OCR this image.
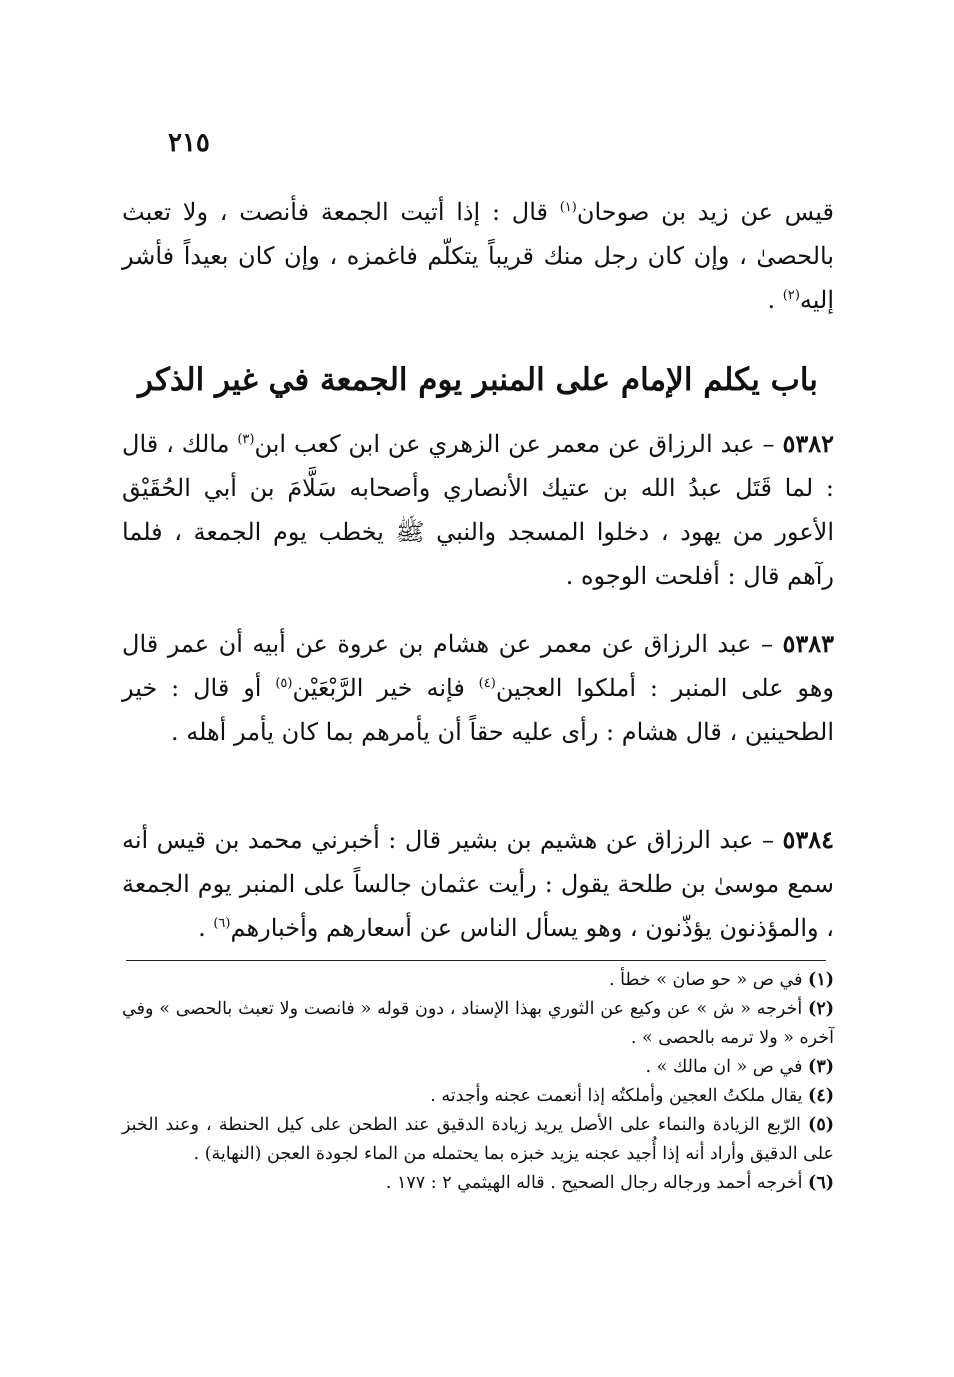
٢١٥

قيس عن زيد بن صوحان$^{(١)}$ قال : إذا أتيت الجمعة فأنصت ، ولا تعبث بالحصىٰ ، وإن كان رجل منك قريباً يتكلّم فاغمزه ، وإن كان بعيداً فأشر إليه$^{(٢)}$ .

باب يكلم الإمام على المنبر يوم الجمعة في غير الذكر

٥٣٨٢ – عبد الرزاق عن معمر عن الزهري عن ابن كعب ابن$^{(٣)}$ مالك ، قال : لما قَتَل عبدُ الله بن عتيك الأنصاري وأصحابه سَلَّامَ بن أبي الحُقَيْق الأعور من يهود ، دخلوا المسجد والنبي ﷺ يخطب يوم الجمعة ، فلما رآهم قال : أفلحت الوجوه .

٥٣٨٣ – عبد الرزاق عن معمر عن هشام بن عروة عن أبيه أن عمر قال وهو على المنبر : أملكوا العجين$^{(٤)}$ فإنه خير الرَّبْعَيْن$^{(٥)}$ أو قال : خير الطحينين ، قال هشام : رأى عليه حقاً أن يأمرهم بما كان يأمر أهله .

٥٣٨٤ – عبد الرزاق عن هشيم بن بشير قال : أخبرني محمد بن قيس أنه سمع موسىٰ بن طلحة يقول : رأيت عثمان جالساً على المنبر يوم الجمعة ، والمؤذنون يؤذّنون ، وهو يسأل الناس عن أسعارهم وأخبارهم$^{(٦)}$ .

(١) في ص « حو صان » خطأ .

(٢) أخرجه « ش » عن وكيع عن الثوري بهذا الإسناد ، دون قوله « فانصت ولا تعبث بالحصى » وفي آخره « ولا ترمه بالحصى » .

(٣) في ص « ان مالك » .

(٤) يقال ملكتُ العجين وأملكتُه إذا أنعمت عجنه وأجدته .

(٥) الرّبع الزيادة والنماء على الأصل يريد زيادة الدقيق عند الطحن على كيل الحنطة ، وعند الخبز على الدقيق وأراد أنه إذا أُجيد عجنه يزيد خبزه بما يحتمله من الماء لجودة العجن (النهاية) .

(٦) أخرجه أحمد ورجاله رجال الصحيح . قاله الهيثمي ٢ : ١٧٧ .
